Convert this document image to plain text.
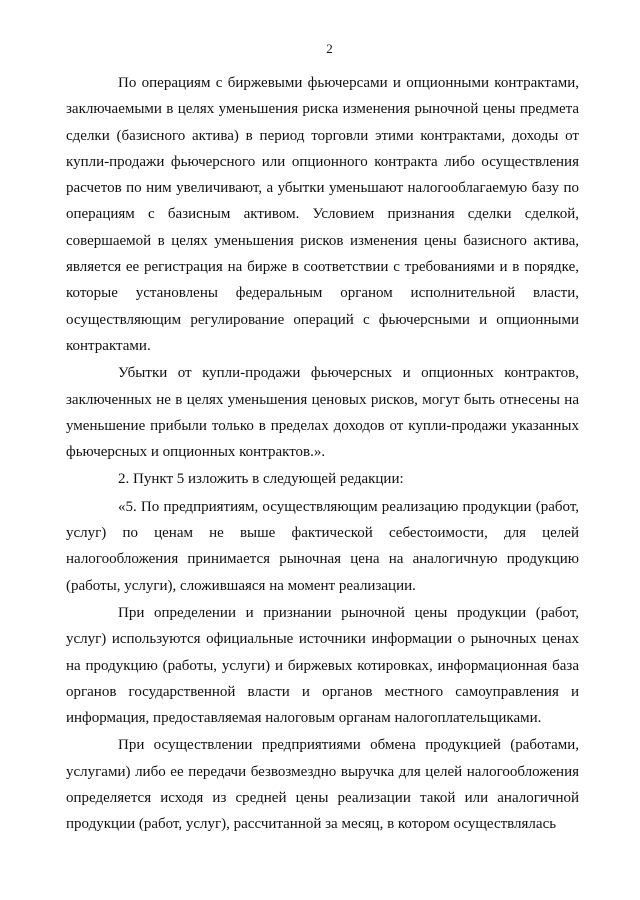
2

По операциям с биржевыми фьючерсами и опционными контрактами, заключаемыми в целях уменьшения риска изменения рыночной цены предмета сделки (базисного актива) в период торговли этими контрактами, доходы от купли-продажи фьючерсного или опционного контракта либо осуществления расчетов по ним увеличивают, а убытки уменьшают налогооблагаемую базу по операциям с базисным активом. Условием признания сделки сделкой, совершаемой в целях уменьшения рисков изменения цены базисного актива, является ее регистрация на бирже в соответствии с требованиями и в порядке, которые установлены федеральным органом исполнительной власти, осуществляющим регулирование операций с фьючерсными и опционными контрактами.

Убытки от купли-продажи фьючерсных и опционных контрактов, заключенных не в целях уменьшения ценовых рисков, могут быть отнесены на уменьшение прибыли только в пределах доходов от купли-продажи указанных фьючерсных и опционных контрактов.».

2. Пункт 5 изложить в следующей редакции:

«5. По предприятиям, осуществляющим реализацию продукции (работ, услуг) по ценам не выше фактической себестоимости, для целей налогообложения принимается рыночная цена на аналогичную продукцию (работы, услуги), сложившаяся на момент реализации.

При определении и признании рыночной цены продукции (работ, услуг) используются официальные источники информации о рыночных ценах на продукцию (работы, услуги) и биржевых котировках, информационная база органов государственной власти и органов местного самоуправления и информация, предоставляемая налоговым органам налогоплательщиками.

При осуществлении предприятиями обмена продукцией (работами, услугами) либо ее передачи безвозмездно выручка для целей налогообложения определяется исходя из средней цены реализации такой или аналогичной продукции (работ, услуг), рассчитанной за месяц, в котором осуществлялась
